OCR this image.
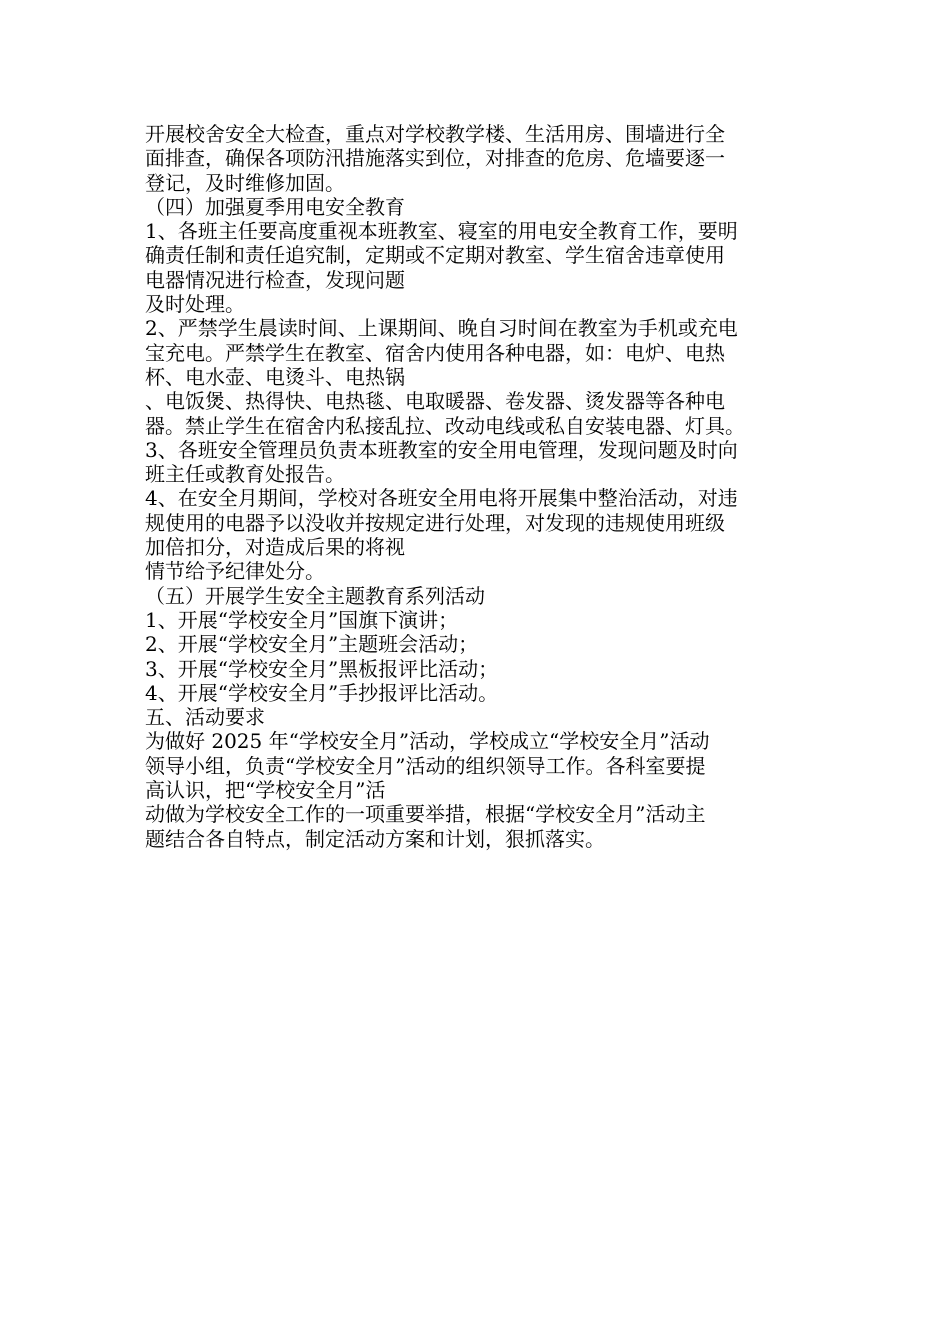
开展校舍安全大检查，重点对学校教学楼、生活用房、围墙进行全
面排查，确保各项防汛措施落实到位，对排查的危房、危墙要逐一
登记，及时维修加固。
（四）加强夏季用电安全教育
1、各班主任要高度重视本班教室、寝室的用电安全教育工作，要明
确责任制和责任追究制，定期或不定期对教室、学生宿舍违章使用
电器情况进行检查，发现问题
及时处理。
2、严禁学生晨读时间、上课期间、晚自习时间在教室为手机或充电
宝充电。严禁学生在教室、宿舍内使用各种电器，如：电炉、电热
杯、电水壶、电烫斗、电热锅
、电饭煲、热得快、电热毯、电取暖器、卷发器、烫发器等各种电
器。禁止学生在宿舍内私接乱拉、改动电线或私自安装电器、灯具。
3、各班安全管理员负责本班教室的安全用电管理，发现问题及时向
班主任或教育处报告。
4、在安全月期间，学校对各班安全用电将开展集中整治活动，对违
规使用的电器予以没收并按规定进行处理，对发现的违规使用班级
加倍扣分，对造成后果的将视
情节给予纪律处分。
（五）开展学生安全主题教育系列活动
1、开展“学校安全月”国旗下演讲；
2、开展“学校安全月”主题班会活动；
3、开展“学校安全月”黑板报评比活动；
4、开展“学校安全月”手抄报评比活动。
五、活动要求
为做好 2025 年“学校安全月”活动，学校成立“学校安全月”活动
领导小组，负责“学校安全月”活动的组织领导工作。各科室要提
高认识，把“学校安全月”活
动做为学校安全工作的一项重要举措，根据“学校安全月”活动主
题结合各自特点，制定活动方案和计划，狠抓落实。
